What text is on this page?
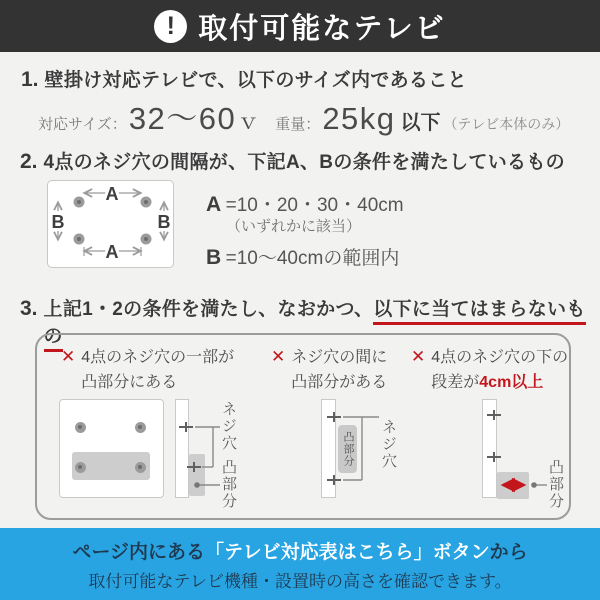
! 取付可能なテレビ
1. 壁掛け対応テレビで、以下のサイズ内であること
対応サイズ： 32〜60 ｖ 重量： 25kg 以下 （テレビ本体のみ）
2. 4点のネジ穴の間隔が、下記A、Bの条件を満たしているもの
A
A
B	B
A =10・20・30・40cm
（いずれかに該当）
B =10〜40cmの範囲内
3. 上記1・2の条件を満たし、なおかつ、以下に当てはまらないもの
✕ 4点のネジ穴の一部が
凸部分にある
✕ ネジ穴の間に
凸部分がある
✕ 4点のネジ穴の下の
段差が4cm以上
凸部分
ネジ穴
凸部分
ネジ穴
凸部分
ページ内にある「テレビ対応表はこちら」ボタンから
取付可能なテレビ機種・設置時の高さを確認できます。
